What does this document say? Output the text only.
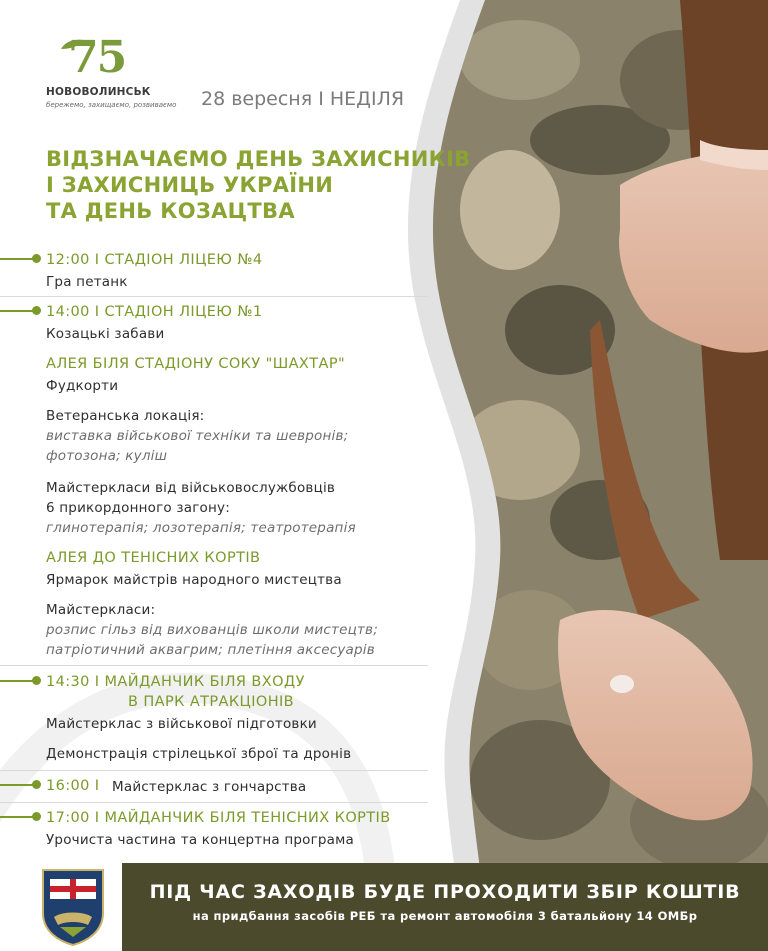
75
НОВОВОЛИНСЬК
бережемо, захищаємо, розвиваємо 28 вересня І НЕДІЛЯ
ВІДЗНАЧАЄМО ДЕНЬ ЗАХИСНИКІВ
І ЗАХИСНИЦЬ УКРАЇНИ
ТА ДЕНЬ КОЗАЦТВА
12:00 І СТАДІОН ЛІЦЕЮ №4
Гра петанк
14:00 І СТАДІОН ЛІЦЕЮ №1
Козацькі забави
АЛЕЯ БІЛЯ СТАДІОНУ СОКУ "ШАХТАР"
Фудкорти
Ветеранська локація:
виставка військової техніки та шевронів;
фотозона; куліш
Майстеркласи від військовослужбовців
6 прикордонного загону:
глинотерапія; лозотерапія; театротерапія
АЛЕЯ ДО ТЕНІСНИХ КОРТІВ
Ярмарок майстрів народного мистецтва
Майстеркласи:
розпис гільз від вихованців школи мистецтв;
патріотичний аквагрим; плетіння аксесуарів
14:30 І МАЙДАНЧИК БІЛЯ ВХОДУ
В ПАРК АТРАКЦІОНІВ
Майстерклас з військової підготовки
Демонстрація стрілецької зброї та дронів
16:00 І Майстерклас з гончарства
17:00 І МАЙДАНЧИК БІЛЯ ТЕНІСНИХ КОРТІВ
Урочиста частина та концертна програма
ПІД ЧАС ЗАХОДІВ БУДЕ ПРОХОДИТИ ЗБІР КОШТІВ
на придбання засобів РЕБ та ремонт автомобіля 3 батальйону 14 ОМБр
